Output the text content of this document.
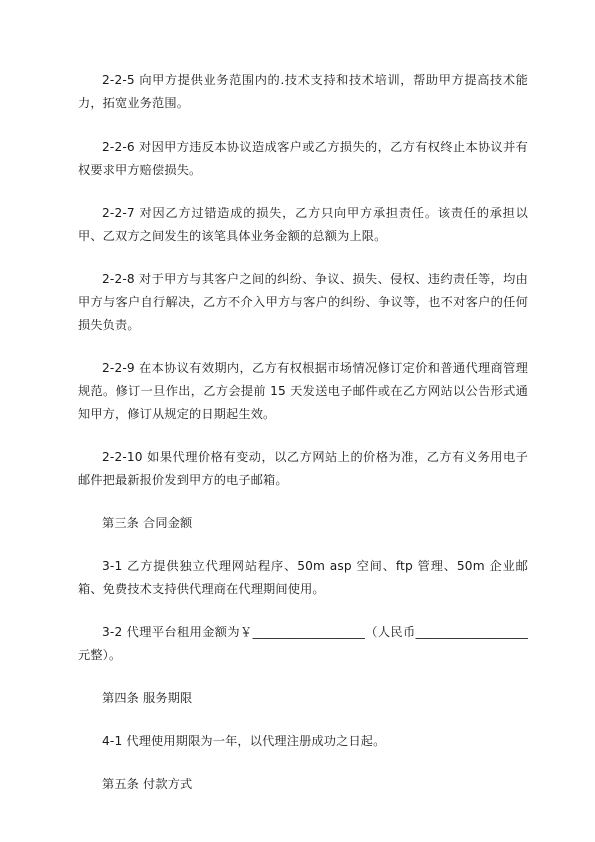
2-2-5 向甲方提供业务范围内的.技术支持和技术培训，帮助甲方提高技术能力，拓宽业务范围。

2-2-6 对因甲方违反本协议造成客户或乙方损失的，乙方有权终止本协议并有权要求甲方赔偿损失。

2-2-7 对因乙方过错造成的损失，乙方只向甲方承担责任。该责任的承担以甲、乙双方之间发生的该笔具体业务金额的总额为上限。

2-2-8 对于甲方与其客户之间的纠纷、争议、损失、侵权、违约责任等，均由甲方与客户自行解决，乙方不介入甲方与客户的纠纷、争议等，也不对客户的任何损失负责。

2-2-9 在本协议有效期内，乙方有权根据市场情况修订定价和普通代理商管理规范。修订一旦作出，乙方会提前 15 天发送电子邮件或在乙方网站以公告形式通知甲方，修订从规定的日期起生效。

2-2-10 如果代理价格有变动，以乙方网站上的价格为准，乙方有义务用电子邮件把最新报价发到甲方的电子邮箱。

第三条 合同金额

3-1 乙方提供独立代理网站程序、50m asp 空间、ftp 管理、50m 企业邮箱、免费技术支持供代理商在代理期间使用。

3-2 代理平台租用金额为￥__________________（人民币__________________元整）。

第四条 服务期限

4-1 代理使用期限为一年，以代理注册成功之日起。

第五条 付款方式
